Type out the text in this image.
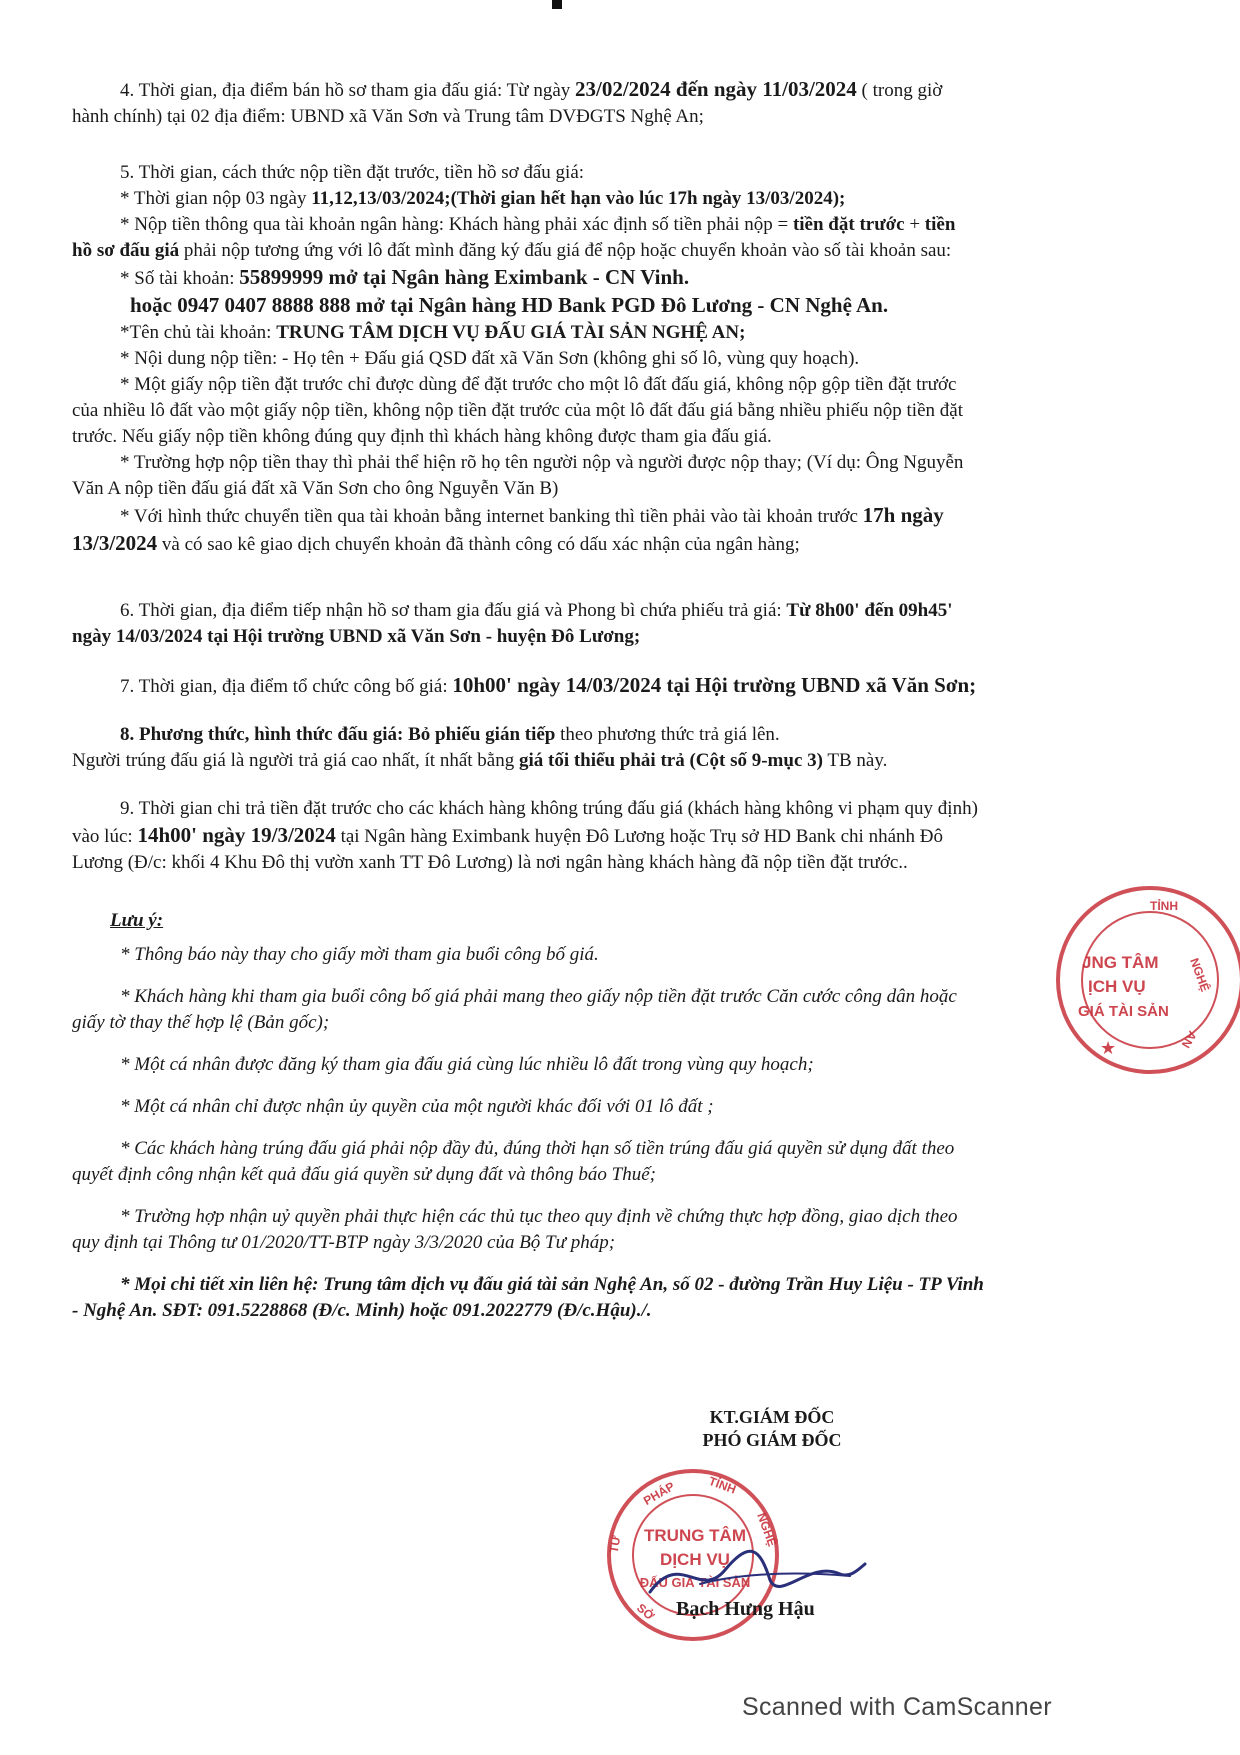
4. Thời gian, địa điểm bán hồ sơ tham gia đấu giá: Từ ngày 23/02/2024 đến ngày 11/03/2024 ( trong giờ

hành chính) tại 02 địa điểm: UBND xã Văn Sơn và Trung tâm DVĐGTS Nghệ An;

5. Thời gian, cách thức nộp tiền đặt trước, tiền hồ sơ đấu giá:

* Thời gian nộp 03 ngày 11,12,13/03/2024;(Thời gian hết hạn vào lúc 17h ngày 13/03/2024);

* Nộp tiền thông qua tài khoản ngân hàng: Khách hàng phải xác định số tiền phải nộp = tiền đặt trước + tiền

hồ sơ đấu giá phải nộp tương ứng với lô đất mình đăng ký đấu giá để nộp hoặc chuyển khoản vào số tài khoản sau:

* Số tài khoản: 55899999 mở tại Ngân hàng Eximbank - CN Vinh.

hoặc 0947 0407 8888 888 mở tại Ngân hàng HD Bank PGD Đô Lương - CN Nghệ An.

*Tên chủ tài khoản: TRUNG TÂM DỊCH VỤ ĐẤU GIÁ TÀI SẢN NGHỆ AN;

* Nội dung nộp tiền: - Họ tên + Đấu giá QSD đất xã Văn Sơn (không ghi số lô, vùng quy hoạch).

* Một giấy nộp tiền đặt trước chỉ được dùng để đặt trước cho một lô đất đấu giá, không nộp gộp tiền đặt trước

của nhiều lô đất vào một giấy nộp tiền, không nộp tiền đặt trước của một lô đất đấu giá bằng nhiều phiếu nộp tiền đặt

trước. Nếu giấy nộp tiền không đúng quy định thì khách hàng không được tham gia đấu giá.

* Trường hợp nộp tiền thay thì phải thể hiện rõ họ tên người nộp và người được nộp thay; (Ví dụ: Ông Nguyễn

Văn A nộp tiền đấu giá đất xã Văn Sơn cho ông Nguyễn Văn B)

* Với hình thức chuyển tiền qua tài khoản bằng internet banking thì tiền phải vào tài khoản trước 17h ngày

13/3/2024 và có sao kê giao dịch chuyển khoản đã thành công có dấu xác nhận của ngân hàng;

6. Thời gian, địa điểm tiếp nhận hồ sơ tham gia đấu giá và Phong bì chứa phiếu trả giá: Từ 8h00' đến 09h45'

ngày 14/03/2024 tại Hội trường UBND xã Văn Sơn - huyện Đô Lương;

7. Thời gian, địa điểm tổ chức công bố giá: 10h00' ngày 14/03/2024 tại Hội trường UBND xã Văn Sơn;

8. Phương thức, hình thức đấu giá: Bỏ phiếu gián tiếp theo phương thức trả giá lên.

Người trúng đấu giá là người trả giá cao nhất, ít nhất bằng giá tối thiểu phải trả (Cột số 9-mục 3) TB này.

9. Thời gian chi trả tiền đặt trước cho các khách hàng không trúng đấu giá (khách hàng không vi phạm quy định)

vào lúc: 14h00' ngày 19/3/2024 tại Ngân hàng Eximbank huyện Đô Lương hoặc Trụ sở HD Bank chi nhánh Đô

Lương (Đ/c: khối 4 Khu Đô thị vườn xanh TT Đô Lương) là nơi ngân hàng khách hàng đã nộp tiền đặt trước..

Lưu ý:

* Thông báo này thay cho giấy mời tham gia buổi công bố giá.

* Khách hàng khi tham gia buổi công bố giá phải mang theo giấy nộp tiền đặt trước Căn cước công dân hoặc

giấy tờ thay thế hợp lệ (Bản gốc);

* Một cá nhân được đăng ký tham gia đấu giá cùng lúc nhiều lô đất trong vùng quy hoạch;

* Một cá nhân chỉ được nhận ủy quyền của một người khác đối với 01 lô đất ;

* Các khách hàng trúng đấu giá phải nộp đầy đủ, đúng thời hạn số tiền trúng đấu giá quyền sử dụng đất theo

quyết định công nhận kết quả đấu giá quyền sử dụng đất và thông báo Thuế;

* Trường hợp nhận uỷ quyền phải thực hiện các thủ tục theo quy định về chứng thực hợp đồng, giao dịch theo

quy định tại Thông tư 01/2020/TT-BTP ngày 3/3/2020 của Bộ Tư pháp;

* Mọi chi tiết xin liên hệ: Trung tâm dịch vụ đấu giá tài sản Nghệ An, số 02 - đường Trần Huy Liệu - TP Vinh

- Nghệ An. SĐT: 091.5228868 (Đ/c. Minh) hoặc 091.2022779 (Đ/c.Hậu)./.

JNG TÂM
ỊCH VỤ
GIÁ TÀI SẢN
TỈNH
NGHỆ
AN
★
KT.GIÁM ĐỐC
PHÓ GIÁM ĐỐC
TRUNG TÂM
DỊCH VỤ
ĐẤU GIÁ TÀI SẢN
PHÁP TỈNH
TƯ	NGHỆ
SỞ Bạch Hưng Hậu
Scanned with CamScanner
